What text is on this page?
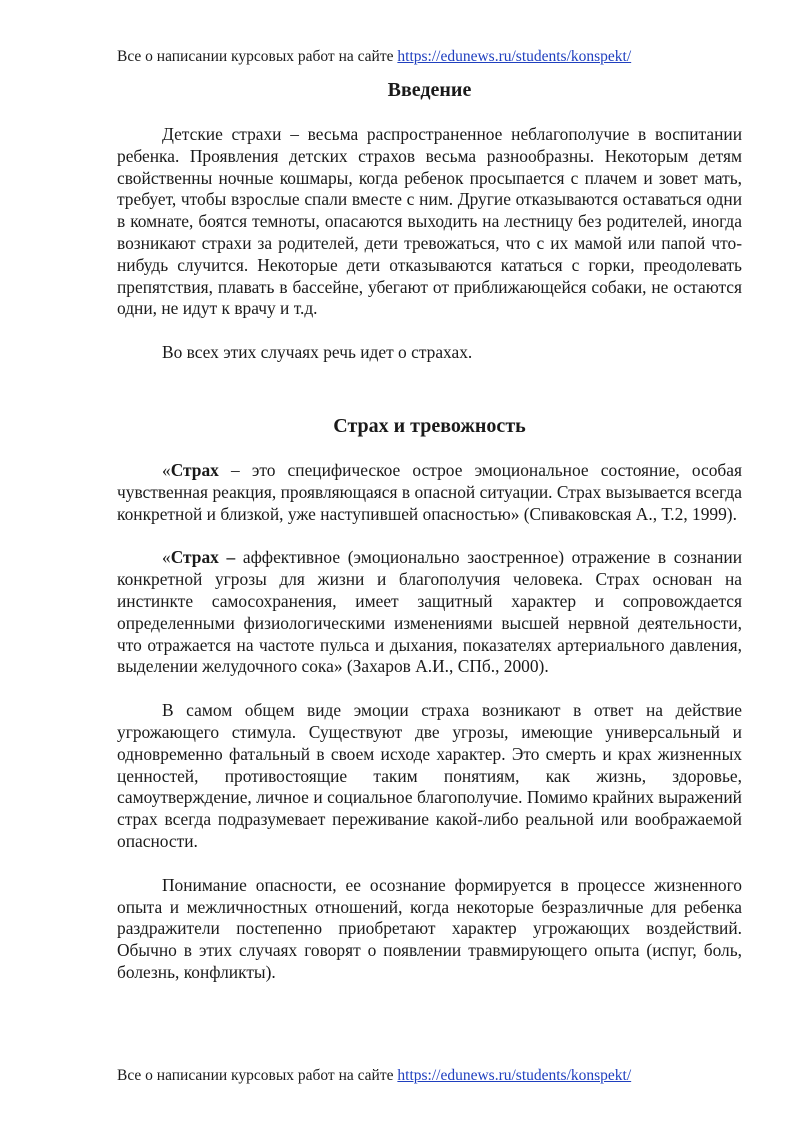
Все о написании курсовых работ на сайте https://edunews.ru/students/konspekt/
Введение

Детские страхи – весьма распространенное неблагополучие в воспитании ребенка. Проявления детских страхов весьма разнообразны. Некоторым детям свойственны ночные кошмары, когда ребенок просыпается с плачем и зовет мать, требует, чтобы взрослые спали вместе с ним. Другие отказываются оставаться одни в комнате, боятся темноты, опасаются выходить на лестницу без родителей, иногда возникают страхи за родителей, дети тревожаться, что с их мамой или папой что-нибудь случится. Некоторые дети отказываются кататься с горки, преодолевать препятствия, плавать в бассейне, убегают от приближающейся собаки, не остаются одни, не идут к врачу и т.д.

Во всех этих случаях речь идет о страхах.

Страх и тревожность

«Страх – это специфическое острое эмоциональное состояние, особая чувственная реакция, проявляющаяся в опасной ситуации. Страх вызывается всегда конкретной и близкой, уже наступившей опасностью» (Спиваковская А., Т.2, 1999).

«Страх – аффективное (эмоционально заостренное) отражение в сознании конкретной угрозы для жизни и благополучия человека. Страх основан на инстинкте самосохранения, имеет защитный характер и сопровождается определенными физиологическими изменениями высшей нервной деятельности, что отражается на частоте пульса и дыхания, показателях артериального давления, выделении желудочного сока» (Захаров А.И., СПб., 2000).

В самом общем виде эмоции страха возникают в ответ на действие угрожающего стимула. Существуют две угрозы, имеющие универсальный и одновременно фатальный в своем исходе характер. Это смерть и крах жизненных ценностей, противостоящие таким понятиям, как жизнь, здоровье, самоутверждение, личное и социальное благополучие. Помимо крайних выражений страх всегда подразумевает переживание какой-либо реальной или воображаемой опасности.

Понимание опасности, ее осознание формируется в процессе жизненного опыта и межличностных отношений, когда некоторые безразличные для ребенка раздражители постепенно приобретают характер угрожающих воздействий. Обычно в этих случаях говорят о появлении травмирующего опыта (испуг, боль, болезнь, конфликты).

Все о написании курсовых работ на сайте https://edunews.ru/students/konspekt/
